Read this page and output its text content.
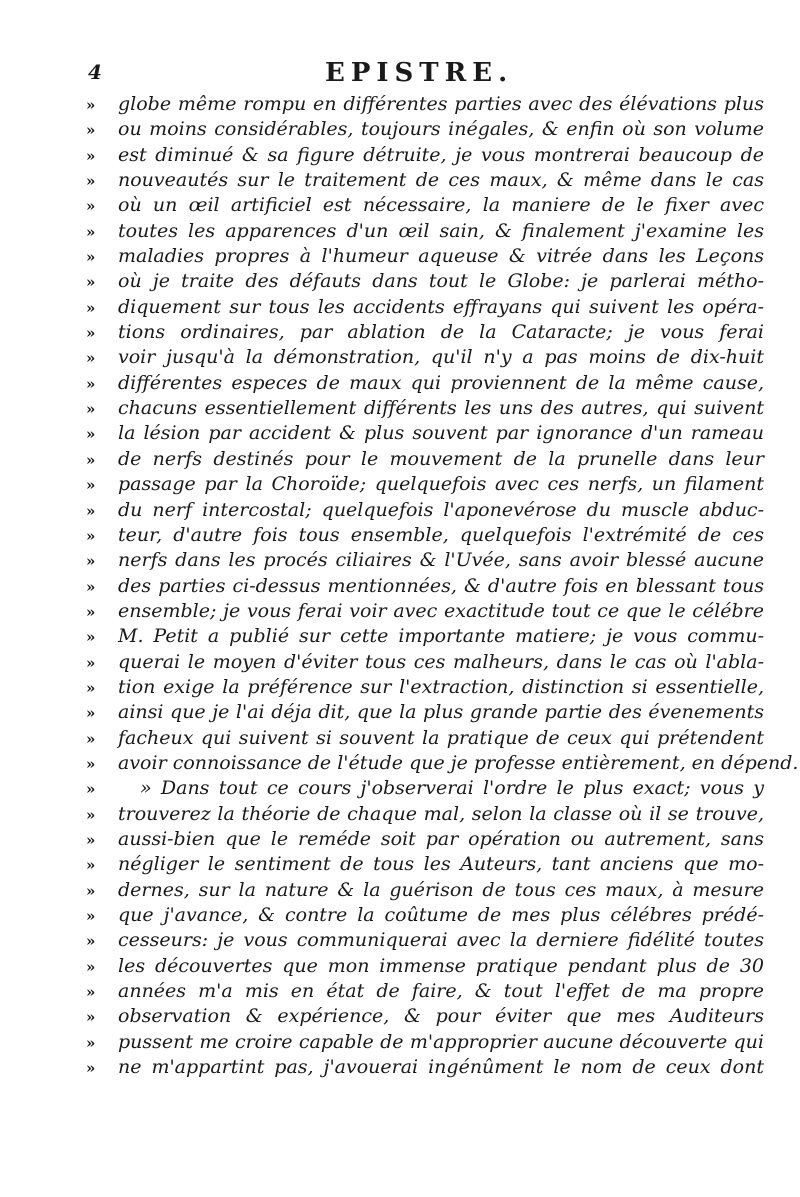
4	EPISTRE.
» globe même rompu en différentes parties avec des élévations plus
» ou moins considérables, toujours inégales, & enfin où son volume
» est diminué & sa figure détruite, je vous montrerai beaucoup de
» nouveautés sur le traitement de ces maux, & même dans le cas
» où un œil artificiel est nécessaire, la maniere de le fixer avec
» toutes les apparences d'un œil sain, & finalement j'examine les
» maladies propres à l'humeur aqueuse & vitrée dans les Leçons
» où je traite des défauts dans tout le Globe: je parlerai métho-
» diquement sur tous les accidents effrayans qui suivent les opéra-
» tions ordinaires, par ablation de la Cataracte; je vous ferai
» voir jusqu'à la démonstration, qu'il n'y a pas moins de dix-huit
» différentes especes de maux qui proviennent de la même cause,
» chacuns essentiellement différents les uns des autres, qui suivent
» la lésion par accident & plus souvent par ignorance d'un rameau
» de nerfs destinés pour le mouvement de la prunelle dans leur
» passage par la Choroïde; quelquefois avec ces nerfs, un filament
» du nerf intercostal; quelquefois l'aponevérose du muscle abduc-
» teur, d'autre fois tous ensemble, quelquefois l'extrémité de ces
» nerfs dans les procés ciliaires & l'Uvée, sans avoir blessé aucune
» des parties ci-dessus mentionnées, & d'autre fois en blessant tous
» ensemble; je vous ferai voir avec exactitude tout ce que le célébre
» M. Petit a publié sur cette importante matiere; je vous commu-
» querai le moyen d'éviter tous ces malheurs, dans le cas où l'abla-
» tion exige la préférence sur l'extraction, distinction si essentielle,
» ainsi que je l'ai déja dit, que la plus grande partie des évenements
» facheux qui suivent si souvent la pratique de ceux qui prétendent
» avoir connoissance de l'étude que je professe entièrement, en dépend.
» » Dans tout ce cours j'observerai l'ordre le plus exact; vous y
» trouverez la théorie de chaque mal, selon la classe où il se trouve,
» aussi-bien que le reméde soit par opération ou autrement, sans
» négliger le sentiment de tous les Auteurs, tant anciens que mo-
» dernes, sur la nature & la guérison de tous ces maux, à mesure
» que j'avance, & contre la coûtume de mes plus célébres prédé-
» cesseurs: je vous communiquerai avec la derniere fidélité toutes
» les découvertes que mon immense pratique pendant plus de 30
» années m'a mis en état de faire, & tout l'effet de ma propre
» observation & expérience, & pour éviter que mes Auditeurs
» pussent me croire capable de m'approprier aucune découverte qui
» ne m'appartint pas, j'avouerai ingénûment le nom de ceux dont
